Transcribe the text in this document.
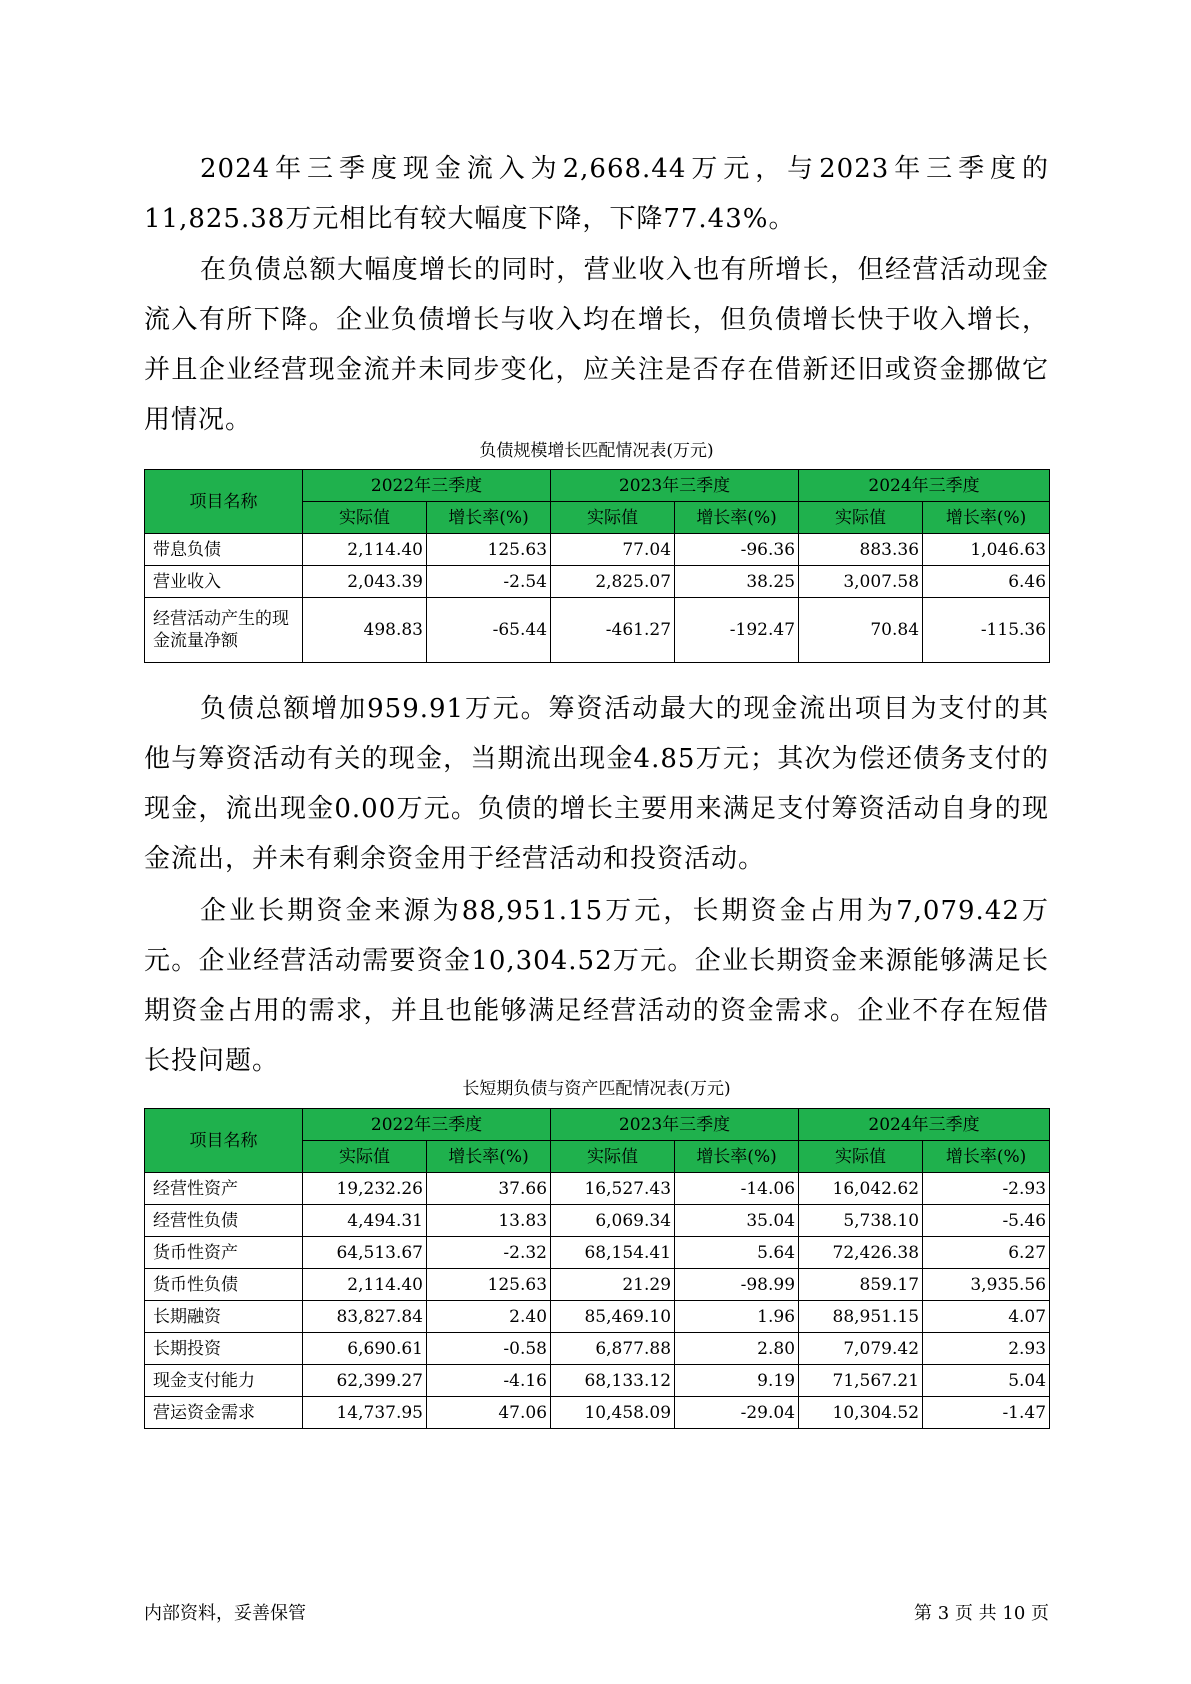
2024年三季度现金流入为2,668.44万元，与2023年三季度的11,825.38万元相比有较大幅度下降，下降77.43%。

在负债总额大幅度增长的同时，营业收入也有所增长，但经营活动现金流入有所下降。企业负债增长与收入均在增长，但负债增长快于收入增长，并且企业经营现金流并未同步变化，应关注是否存在借新还旧或资金挪做它用情况。

负债规模增长匹配情况表(万元)
项目名称	2022年三季度		2023年三季度		2024年三季度	
	实际值	增长率(%)	实际值	增长率(%)	实际值	增长率(%)
带息负债	2,114.40	125.63	77.04	-96.36	883.36	1,046.63
营业收入	2,043.39	-2.54	2,825.07	38.25	3,007.58	6.46
经营活动产生的现金流量净额	498.83	-65.44	-461.27	-192.47	70.84	-115.36

负债总额增加959.91万元。筹资活动最大的现金流出项目为支付的其他与筹资活动有关的现金，当期流出现金4.85万元；其次为偿还债务支付的现金，流出现金0.00万元。负债的增长主要用来满足支付筹资活动自身的现金流出，并未有剩余资金用于经营活动和投资活动。

企业长期资金来源为88,951.15万元，长期资金占用为7,079.42万元。企业经营活动需要资金10,304.52万元。企业长期资金来源能够满足长期资金占用的需求，并且也能够满足经营活动的资金需求。企业不存在短借长投问题。

长短期负债与资产匹配情况表(万元)
项目名称	2022年三季度		2023年三季度		2024年三季度	
	实际值	增长率(%)	实际值	增长率(%)	实际值	增长率(%)
经营性资产	19,232.26	37.66	16,527.43	-14.06	16,042.62	-2.93
经营性负债	4,494.31	13.83	6,069.34	35.04	5,738.10	-5.46
货币性资产	64,513.67	-2.32	68,154.41	5.64	72,426.38	6.27
货币性负债	2,114.40	125.63	21.29	-98.99	859.17	3,935.56
长期融资	83,827.84	2.40	85,469.10	1.96	88,951.15	4.07
长期投资	6,690.61	-0.58	6,877.88	2.80	7,079.42	2.93
现金支付能力	62,399.27	-4.16	68,133.12	9.19	71,567.21	5.04
营运资金需求	14,737.95	47.06	10,458.09	-29.04	10,304.52	-1.47
内部资料，妥善保管	第 3 页 共 10 页
